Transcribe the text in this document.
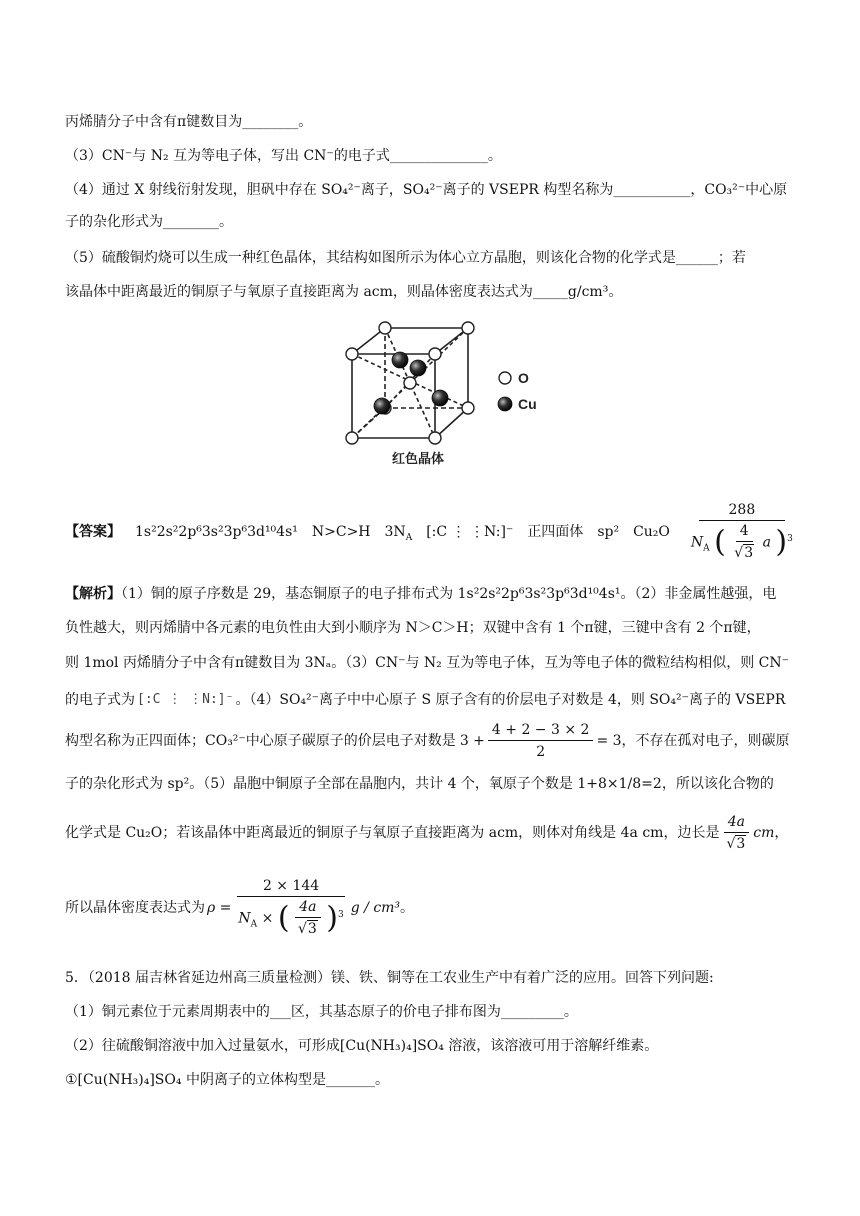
丙烯腈分子中含有π键数目为________。
（3）CN⁻与 N₂ 互为等电子体，写出 CN⁻的电子式______________。
（4）通过 X 射线衍射发现，胆矾中存在 SO₄²⁻离子，SO₄²⁻离子的 VSEPR 构型名称为___________，CO₃²⁻中心原
子的杂化形式为________。
（5）硫酸铜灼烧可以生成一种红色晶体，其结构如图所示为体心立方晶胞，则该化合物的化学式是______；若
该晶体中距离最近的铜原子与氧原子直接距离为 acm，则晶体密度表达式为_____g/cm³。
O
Cu
红色晶体
【答案】 1s²2s²2p⁶3s²3p⁶3d¹⁰4s¹ N>C>H $3N_A$ [:C ⋮ ⋮N:]⁻ 正四面体 sp² Cu₂O
288
$N_A$ ( $\frac{4}{√3}$ a )$^3$
【解析】（1）铜的原子序数是 29，基态铜原子的电子排布式为 1s²2s²2p⁶3s²3p⁶3d¹⁰4s¹。（2）非金属性越强，电
负性越大，则丙烯腈中各元素的电负性由大到小顺序为 N＞C＞H；双键中含有 1 个π键，三键中含有 2 个π键，
则 1mol 丙烯腈分子中含有π键数目为 3Nₐ。（3）CN⁻与 N₂ 互为等电子体，互为等电子体的微粒结构相似，则 CN⁻
的电子式为 [:C ⋮ ⋮N:]⁻ 。（4）SO₄²⁻离子中中心原子 S 原子含有的价层电子对数是 4，则 SO₄²⁻离子的 VSEPR
构型名称为正四面体；CO₃²⁻中心原子碳原子的价层电子对数是 $3 + \frac{4 + 2 - 3 \times 2}{2} = 3$ ，不存在孤对电子，则碳原
子的杂化形式为 sp²。（5）晶胞中铜原子全部在晶胞内，共计 4 个，氧原子个数是 1+8×1/8=2，所以该化合物的
化学式是 Cu₂O；若该晶体中距离最近的铜原子与氧原子直接距离为 acm，则体对角线是 4a cm，边长是 $\frac{4a}{√3}$ cm ，
所以晶体密度表达式为 ρ =
2 × 144
$N_A$ × ( $\frac{4a}{√3} )^3$ g / cm³ 。
5．（2018 届吉林省延边州高三质量检测）镁、铁、铜等在工农业生产中有着广泛的应用。回答下列问题:
（1）铜元素位于元素周期表中的___区，其基态原子的价电子排布图为_________。
（2）往硫酸铜溶液中加入过量氨水，可形成[Cu(NH₃)₄]SO₄ 溶液，该溶液可用于溶解纤维素。
①[Cu(NH₃)₄]SO₄ 中阴离子的立体构型是_______。
